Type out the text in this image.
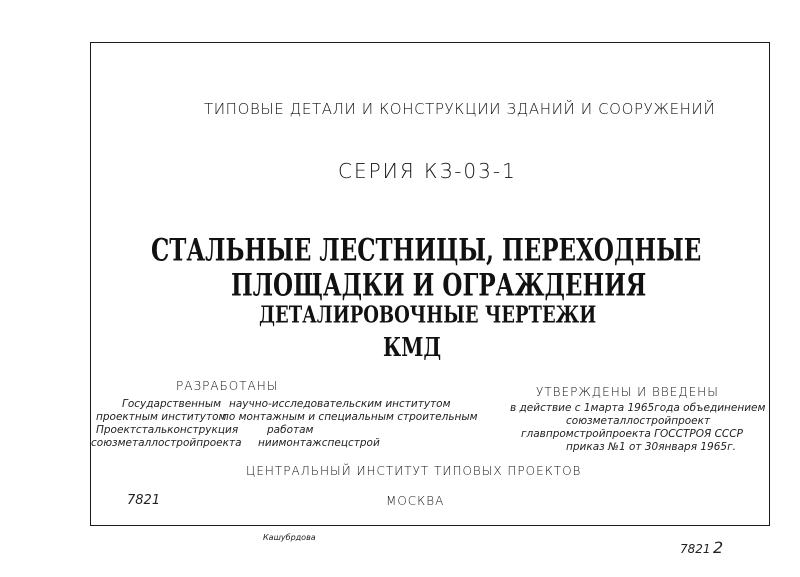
ТИПОВЫЕ ДЕТАЛИ И КОНСТРУКЦИИ ЗДАНИЙ И СООРУЖЕНИЙ
СЕРИЯ КЗ-03-1
СТАЛЬНЫЕ ЛЕСТНИЦЫ, ПЕРЕХОДНЫЕ
ПЛОЩАДКИ И ОГРАЖДЕНИЯ
ДЕТАЛИРОВОЧНЫЕ ЧЕРТЕЖИ
КМД
РАЗРАБОТАНЫ
Государственным
проектным институтом
Проектстальконструкция
союзметаллостройпроекта
научно-исследовательским институтом
по монтажным и специальным строительным
работам
ниимонтажспецстрой
УТВЕРЖДЕНЫ И ВВЕДЕНЫ
в действие с 1марта 1965года объединением
союзметаллостройпроект
главпромстройпроекта ГОССТРОЯ СССР
приказ №1 от 30января 1965г.
ЦЕНТРАЛЬНЫЙ ИНСТИТУТ ТИПОВЫХ ПРОЕКТОВ
7821	МОСКВА
Кашубрдова
7821 2
